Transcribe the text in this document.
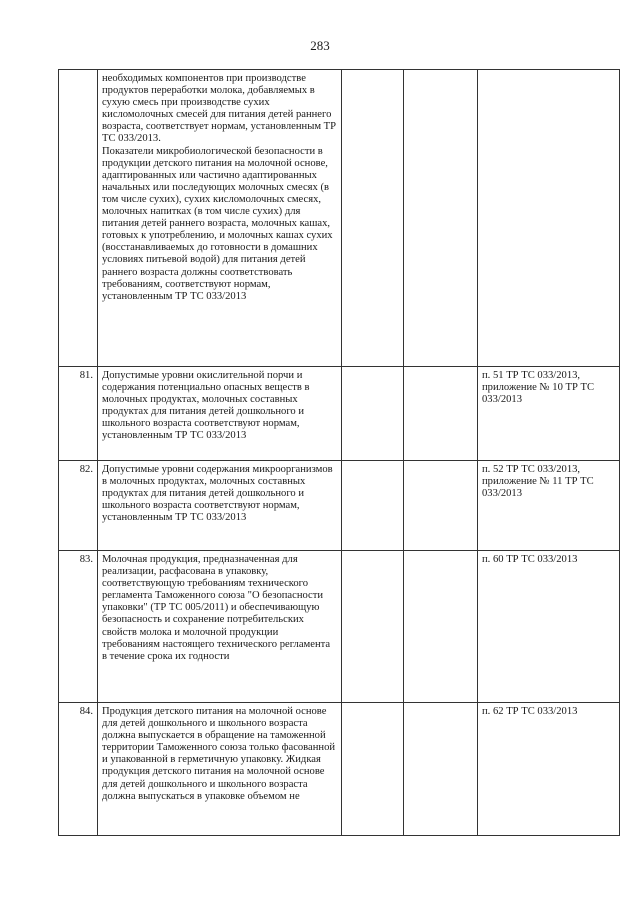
283

	необходимых компонентов при производстве продуктов переработки молока, добавляемых в сухую смесь при производстве сухих кисломолочных смесей для питания детей раннего возраста, соответствует нормам, установленным ТР ТС 033/2013.
Показатели микробиологической безопасности в продукции детского питания на молочной основе, адаптированных или частично адаптированных начальных или последующих молочных смесях (в том числе сухих), сухих кисломолочных смесях, молочных напитках (в том числе сухих) для питания детей раннего возраста, молочных кашах, готовых к употреблению, и молочных кашах сухих (восстанавливаемых до готовности в домашних условиях питьевой водой) для питания детей раннего возраста должны соответствовать требованиям, соответствуют нормам, установленным ТР ТС 033/2013			

81.	Допустимые уровни окислительной порчи и содержания потенциально опасных веществ в молочных продуктах, молочных составных продуктах для питания детей дошкольного и школьного возраста соответствуют нормам, установленным ТР ТС 033/2013			п. 51 ТР ТС 033/2013, приложение № 10 ТР ТС 033/2013
82.	Допустимые уровни содержания микроорганизмов в молочных продуктах, молочных составных продуктах для питания детей дошкольного и школьного возраста соответствуют нормам, установленным ТР ТС 033/2013			п. 52 ТР ТС 033/2013, приложение № 11 ТР ТС 033/2013
83.	Молочная продукция, предназначенная для реализации, расфасована в упаковку, соответствующую требованиям технического регламента Таможенного союза "О безопасности упаковки" (ТР ТС 005/2011) и обеспечивающую безопасность и сохранение потребительских свойств молока и молочной продукции требованиям настоящего технического регламента в течение срока их годности			п. 60 ТР ТС 033/2013
84.	Продукция детского питания на молочной основе для детей дошкольного и школьного возраста должна выпускается в обращение на таможенной территории Таможенного союза только фасованной и упакованной в герметичную упаковку. Жидкая продукция детского питания на молочной основе для детей дошкольного и школьного возраста должна выпускаться в упаковке объемом не			п. 62 ТР ТС 033/2013
